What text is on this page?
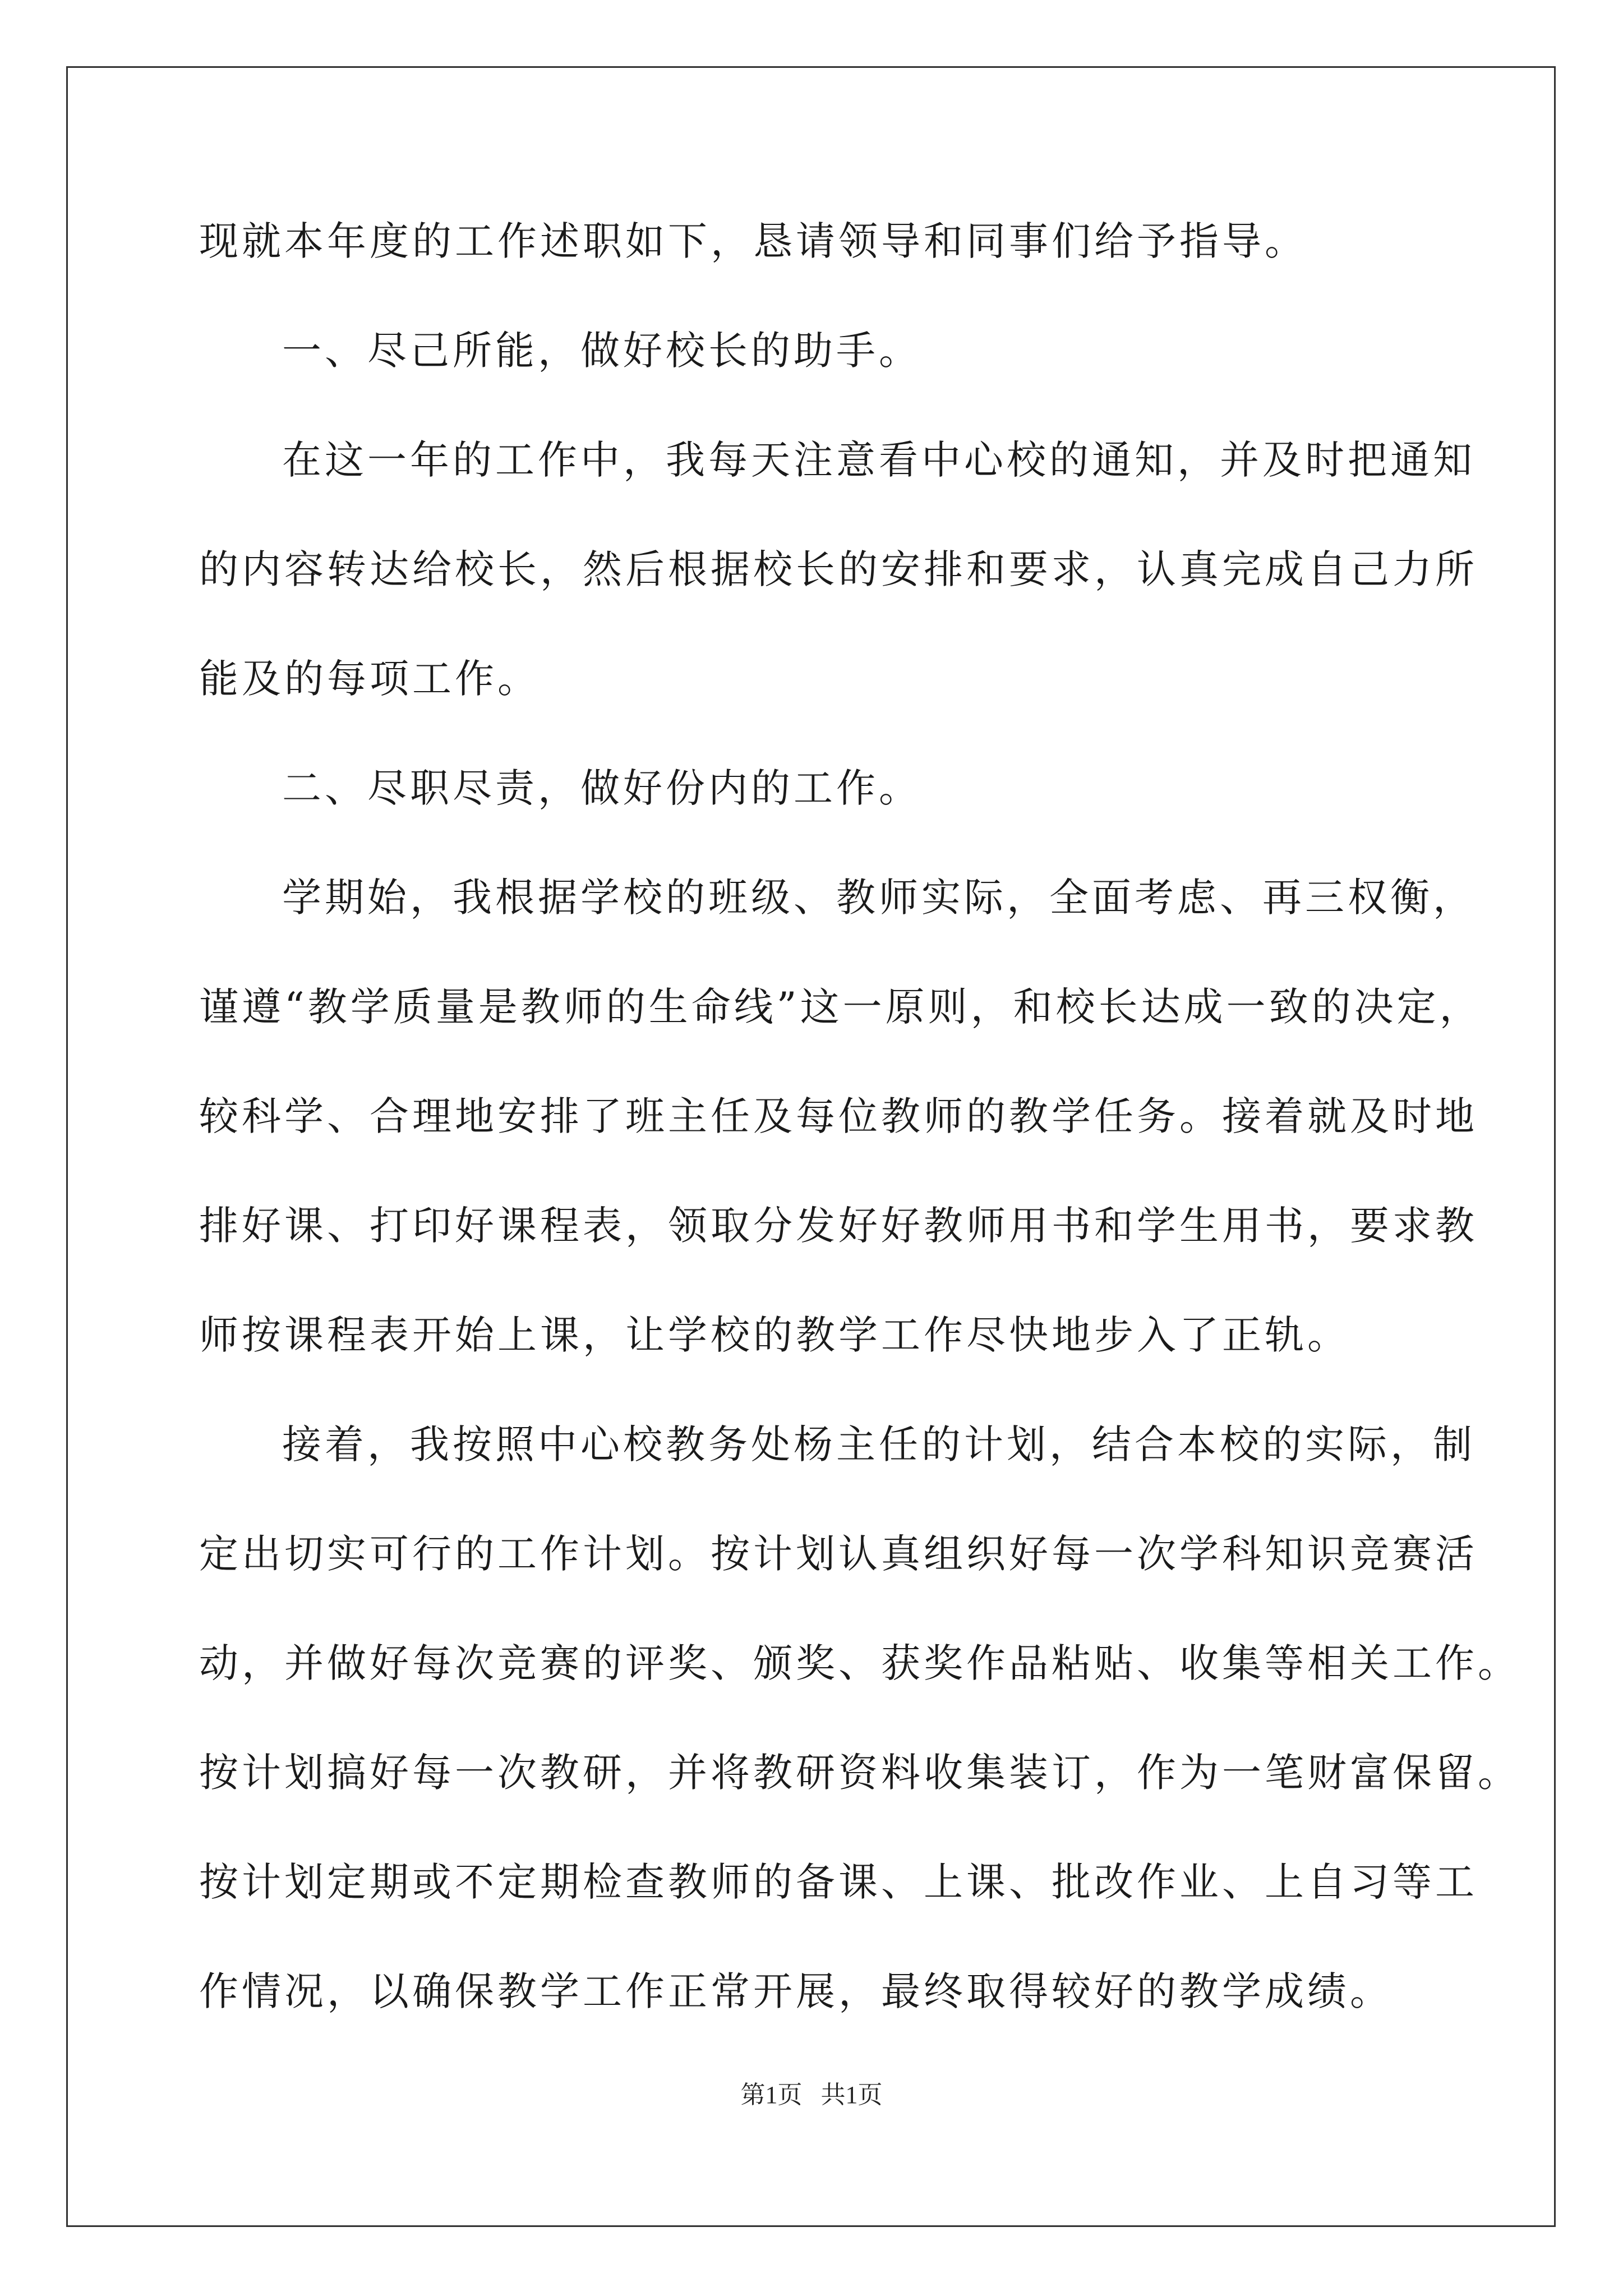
现就本年度的工作述职如下，恳请领导和同事们给予指导。
一、尽己所能，做好校长的助手。
在这一年的工作中，我每天注意看中心校的通知，并及时把通知
的内容转达给校长，然后根据校长的安排和要求，认真完成自己力所
能及的每项工作。
二、尽职尽责，做好份内的工作。
学期始，我根据学校的班级、教师实际，全面考虑、再三权衡，
谨遵“教学质量是教师的生命线”这一原则，和校长达成一致的决定，
较科学、合理地安排了班主任及每位教师的教学任务。接着就及时地
排好课、打印好课程表，领取分发好好教师用书和学生用书，要求教
师按课程表开始上课，让学校的教学工作尽快地步入了正轨。
接着，我按照中心校教务处杨主任的计划，结合本校的实际，制
定出切实可行的工作计划。按计划认真组织好每一次学科知识竞赛活
动，并做好每次竞赛的评奖、颁奖、获奖作品粘贴、收集等相关工作。
按计划搞好每一次教研，并将教研资料收集装订，作为一笔财富保留。
按计划定期或不定期检查教师的备课、上课、批改作业、上自习等工
作情况，以确保教学工作正常开展，最终取得较好的教学成绩。
第1页   共1页
